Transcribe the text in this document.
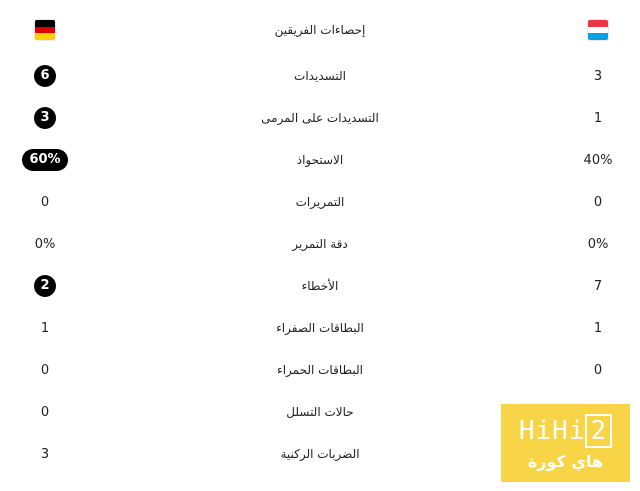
إحصاءات الفريقين
6	التسديدات	3
3	التسديدات على المرمى	1
60%	الاستحواذ	40%
0	التمريرات	0
0%	دقة التمرير	0%
2	الأخطاء	7
1	البطاقات الصفراء	1
0	البطاقات الحمراء	0
0	حالات التسلل
3	الضربات الركنية
HiHi 2
هاي كورة
